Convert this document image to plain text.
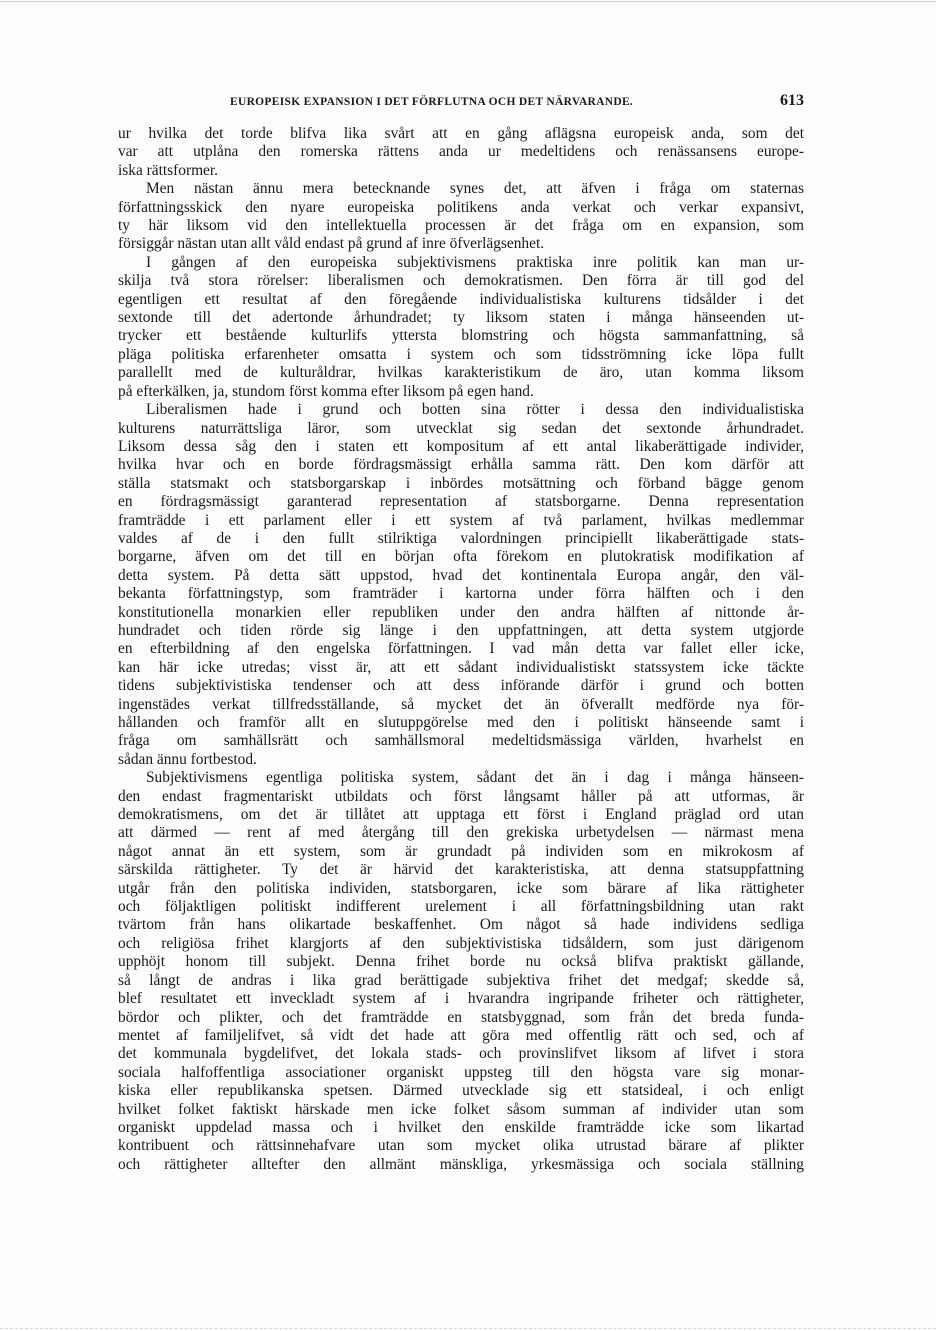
EUROPEISK EXPANSION I DET FÖRFLUTNA OCH DET NÄRVARANDE.	613
ur hvilka det torde blifva lika svårt att en gång aflägsna europeisk anda, som det
var att utplåna den romerska rättens anda ur medeltidens och renässansens europe-
iska rättsformer.
Men nästan ännu mera betecknande synes det, att äfven i fråga om staternas
författningsskick den nyare europeiska politikens anda verkat och verkar expansivt,
ty här liksom vid den intellektuella processen är det fråga om en expansion, som
försiggår nästan utan allt våld endast på grund af inre öfverlägsenhet.
I gången af den europeiska subjektivismens praktiska inre politik kan man ur-
skilja två stora rörelser: liberalismen och demokratismen. Den förra är till god del
egentligen ett resultat af den föregående individualistiska kulturens tidsålder i det
sextonde till det adertonde århundradet; ty liksom staten i många hänseenden ut-
trycker ett bestående kulturlifs yttersta blomstring och högsta sammanfattning, så
pläga politiska erfarenheter omsatta i system och som tidsströmning icke löpa fullt
parallellt med de kulturåldrar, hvilkas karakteristikum de äro, utan komma liksom
på efterkälken, ja, stundom först komma efter liksom på egen hand.
Liberalismen hade i grund och botten sina rötter i dessa den individualistiska
kulturens naturrättsliga läror, som utvecklat sig sedan det sextonde århundradet.
Liksom dessa såg den i staten ett kompositum af ett antal likaberättigade individer,
hvilka hvar och en borde fördragsmässigt erhålla samma rätt. Den kom därför att
ställa statsmakt och statsborgarskap i inbördes motsättning och förband bägge genom
en fördragsmässigt garanterad representation af statsborgarne. Denna representation
framträdde i ett parlament eller i ett system af två parlament, hvilkas medlemmar
valdes af de i den fullt stilriktiga valordningen principiellt likaberättigade stats-
borgarne, äfven om det till en början ofta förekom en plutokratisk modifikation af
detta system. På detta sätt uppstod, hvad det kontinentala Europa angår, den väl-
bekanta författningstyp, som framträder i kartorna under förra hälften och i den
konstitutionella monarkien eller republiken under den andra hälften af nittonde år-
hundradet och tiden rörde sig länge i den uppfattningen, att detta system utgjorde
en efterbildning af den engelska författningen. I vad mån detta var fallet eller icke,
kan här icke utredas; visst är, att ett sådant individualistiskt statssystem icke täckte
tidens subjektivistiska tendenser och att dess införande därför i grund och botten
ingenstädes verkat tillfredsställande, så mycket det än öfverallt medförde nya för-
hållanden och framför allt en slutuppgörelse med den i politiskt hänseende samt i
fråga om samhällsrätt och samhällsmoral medeltidsmässiga världen, hvarhelst en
sådan ännu fortbestod.
Subjektivismens egentliga politiska system, sådant det än i dag i många hänseen-
den endast fragmentariskt utbildats och först långsamt håller på att utformas, är
demokratismens, om det är tillåtet att upptaga ett först i England präglad ord utan
att därmed — rent af med återgång till den grekiska urbetydelsen — närmast mena
något annat än ett system, som är grundadt på individen som en mikrokosm af
särskilda rättigheter. Ty det är härvid det karakteristiska, att denna statsuppfattning
utgår från den politiska individen, statsborgaren, icke som bärare af lika rättigheter
och följaktligen politiskt indifferent urelement i all författningsbildning utan rakt
tvärtom från hans olikartade beskaffenhet. Om något så hade individens sedliga
och religiösa frihet klargjorts af den subjektivistiska tidsåldern, som just därigenom
upphöjt honom till subjekt. Denna frihet borde nu också blifva praktiskt gällande,
så långt de andras i lika grad berättigade subjektiva frihet det medgaf; skedde så,
blef resultatet ett inveckladt system af i hvarandra ingripande friheter och rättigheter,
bördor och plikter, och det framträdde en statsbyggnad, som från det breda funda-
mentet af familjelifvet, så vidt det hade att göra med offentlig rätt och sed, och af
det kommunala bygdelifvet, det lokala stads- och provinslifvet liksom af lifvet i stora
sociala halfoffentliga associationer organiskt uppsteg till den högsta vare sig monar-
kiska eller republikanska spetsen. Därmed utvecklade sig ett statsideal, i och enligt
hvilket folket faktiskt härskade men icke folket såsom summan af individer utan som
organiskt uppdelad massa och i hvilket den enskilde framträdde icke som likartad
kontribuent och rättsinnehafvare utan som mycket olika utrustad bärare af plikter
och rättigheter alltefter den allmänt mänskliga, yrkesmässiga och sociala ställning
